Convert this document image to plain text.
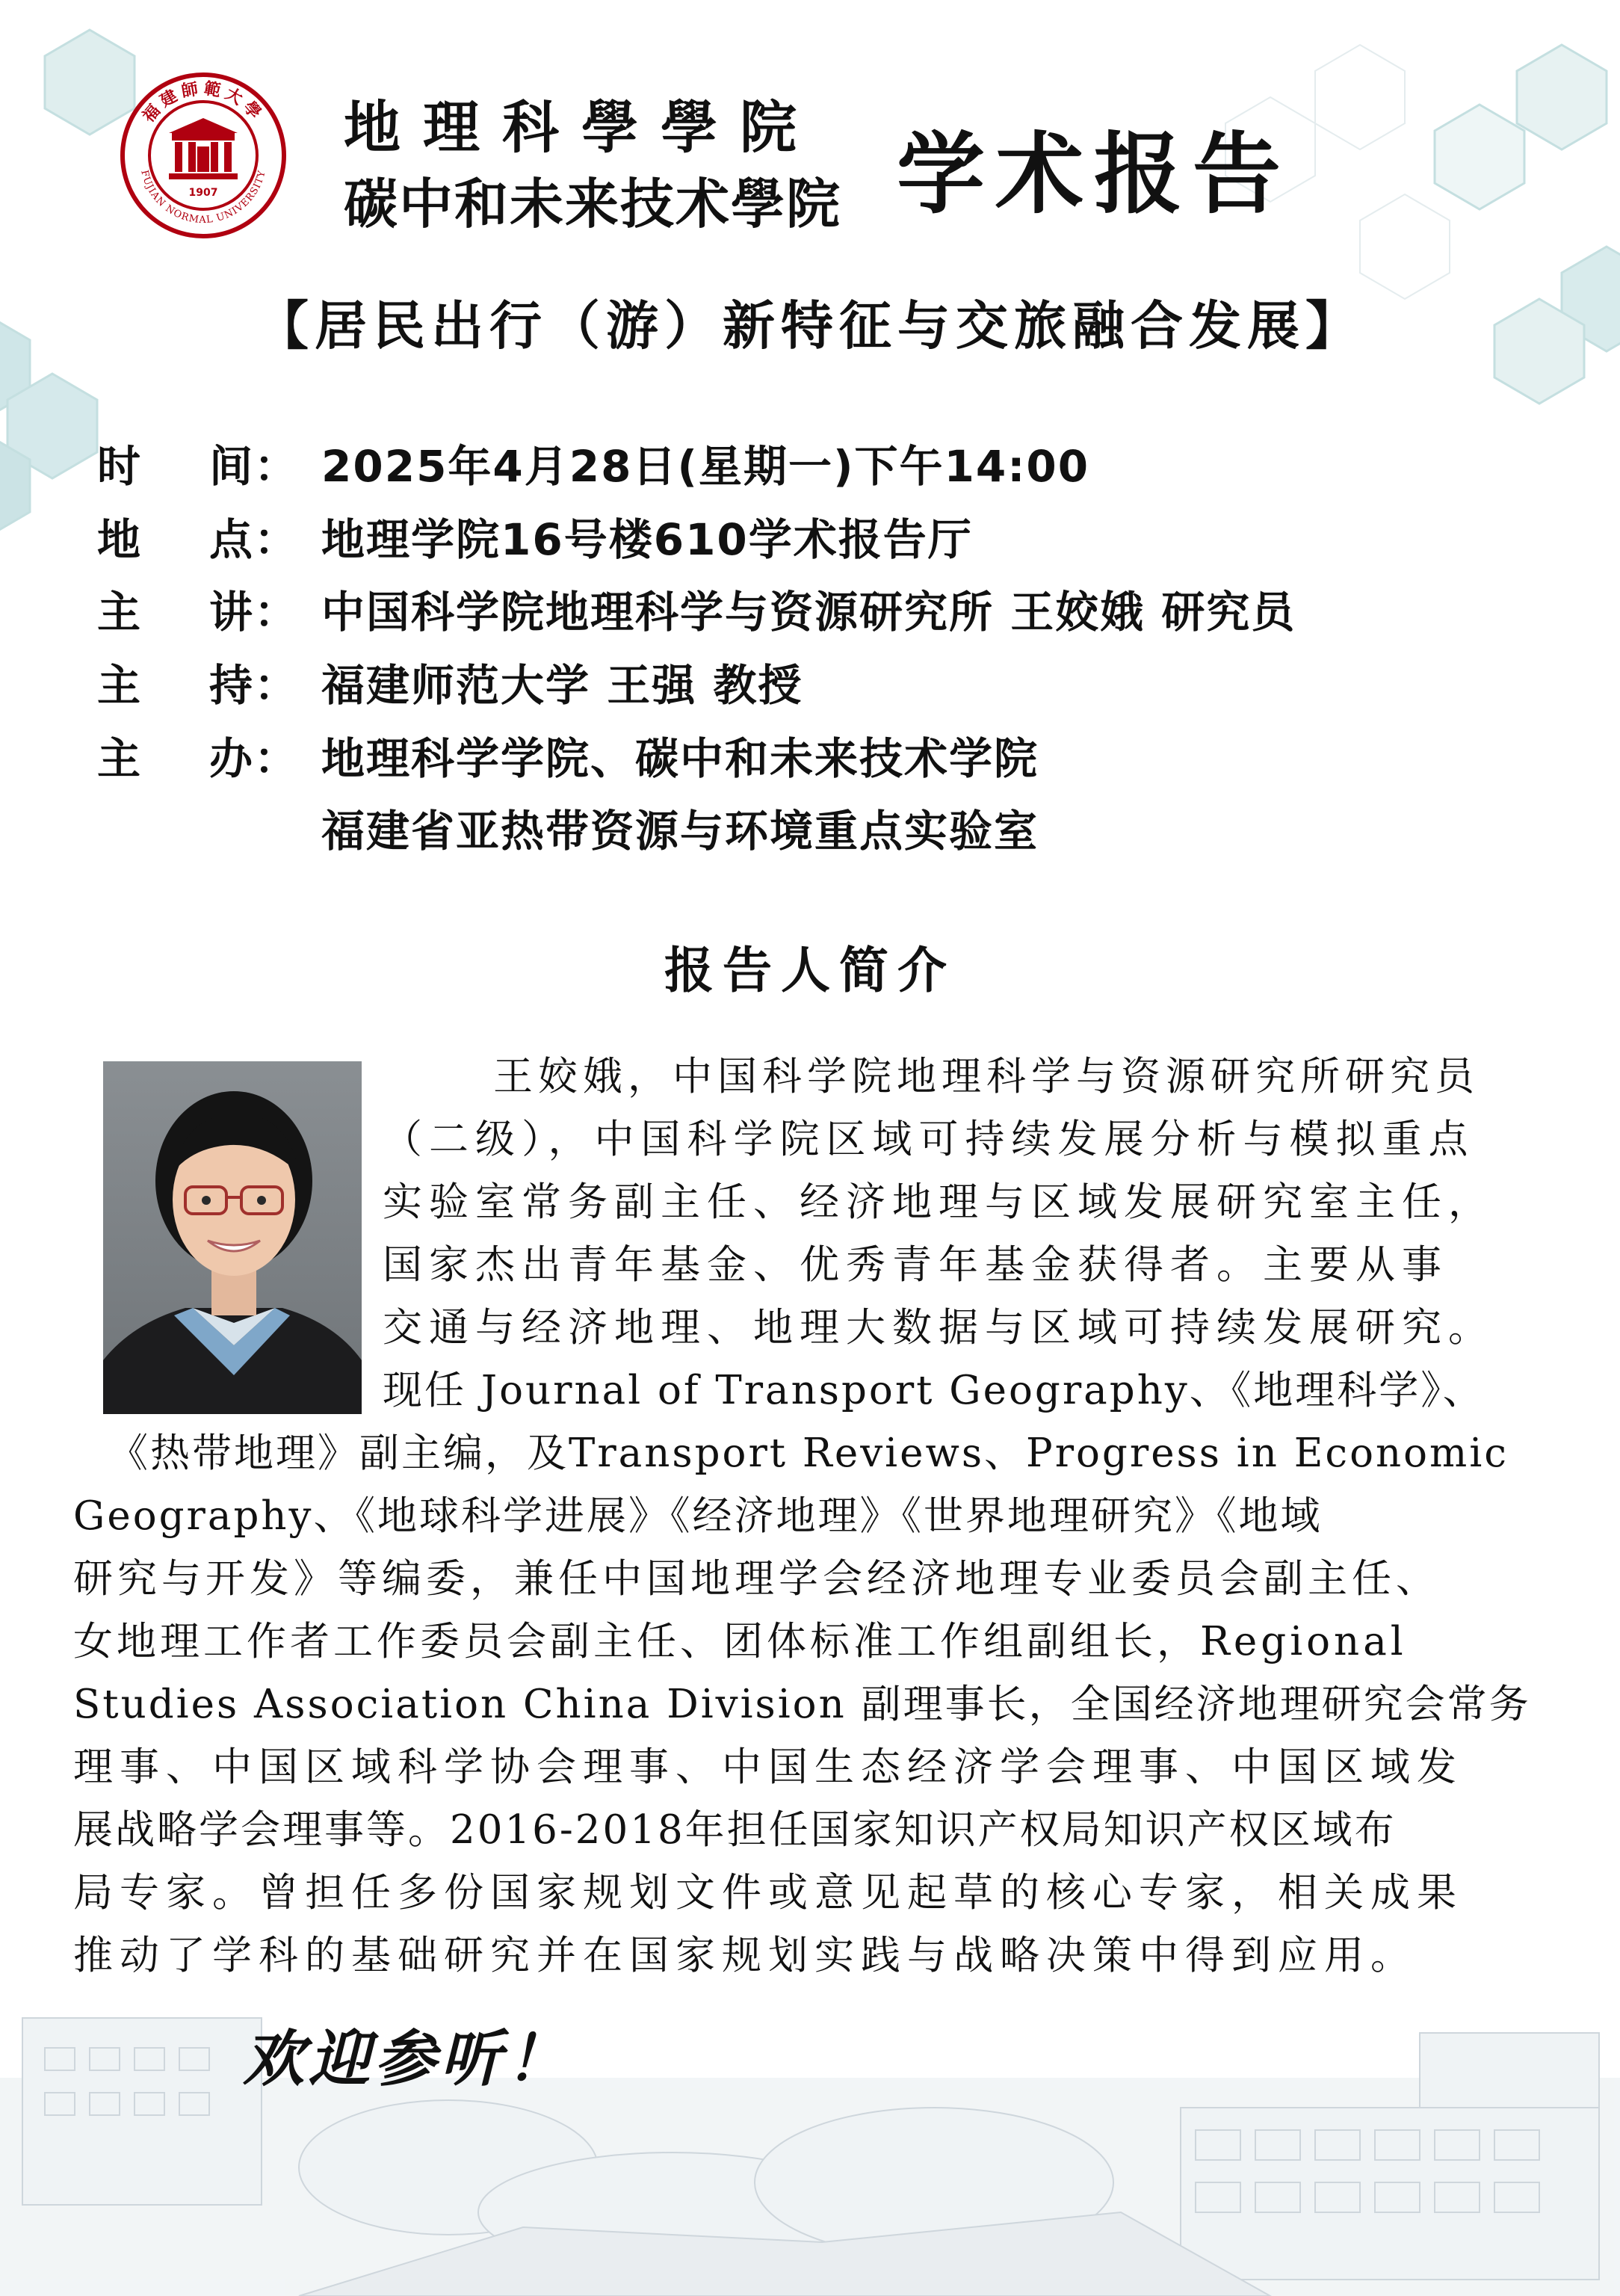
福建師範大學
FUJIAN NORMAL UNIVERSITY
1907
地理科學學院
碳中和未来技术學院 学术报告
【居民出行（游）新特征与交旅融合发展】
时 间 ： 2025年4月28日(星期一)下午14:00
地 点 ： 地理学院16号楼610学术报告厅
主 讲 ： 中国科学院地理科学与资源研究所 王姣娥 研究员
主 持 ： 福建师范大学 王强 教授
主 办 ： 地理科学学院、碳中和未来技术学院
福建省亚热带资源与环境重点实验室
报告人简介
王姣娥，中国科学院地理科学与资源研究所研究员
（二级），中国科学院区域可持续发展分析与模拟重点
实验室常务副主任、经济地理与区域发展研究室主任，
国家杰出青年基金、优秀青年基金获得者。主要从事
交通与经济地理、地理大数据与区域可持续发展研究。
现任 Journal of Transport Geography、《地理科学》、
《热带地理》副主编，及Transport Reviews、Progress in Economic
Geography、《地球科学进展》《经济地理》《世界地理研究》《地域
研究与开发》等编委，兼任中国地理学会经济地理专业委员会副主任、
女地理工作者工作委员会副主任、团体标准工作组副组长，Regional
Studies Association China Division 副理事长，全国经济地理研究会常务
理事、中国区域科学协会理事、中国生态经济学会理事、中国区域发
展战略学会理事等。2016-2018年担任国家知识产权局知识产权区域布
局专家。曾担任多份国家规划文件或意见起草的核心专家，相关成果
推动了学科的基础研究并在国家规划实践与战略决策中得到应用。
欢迎参听！
